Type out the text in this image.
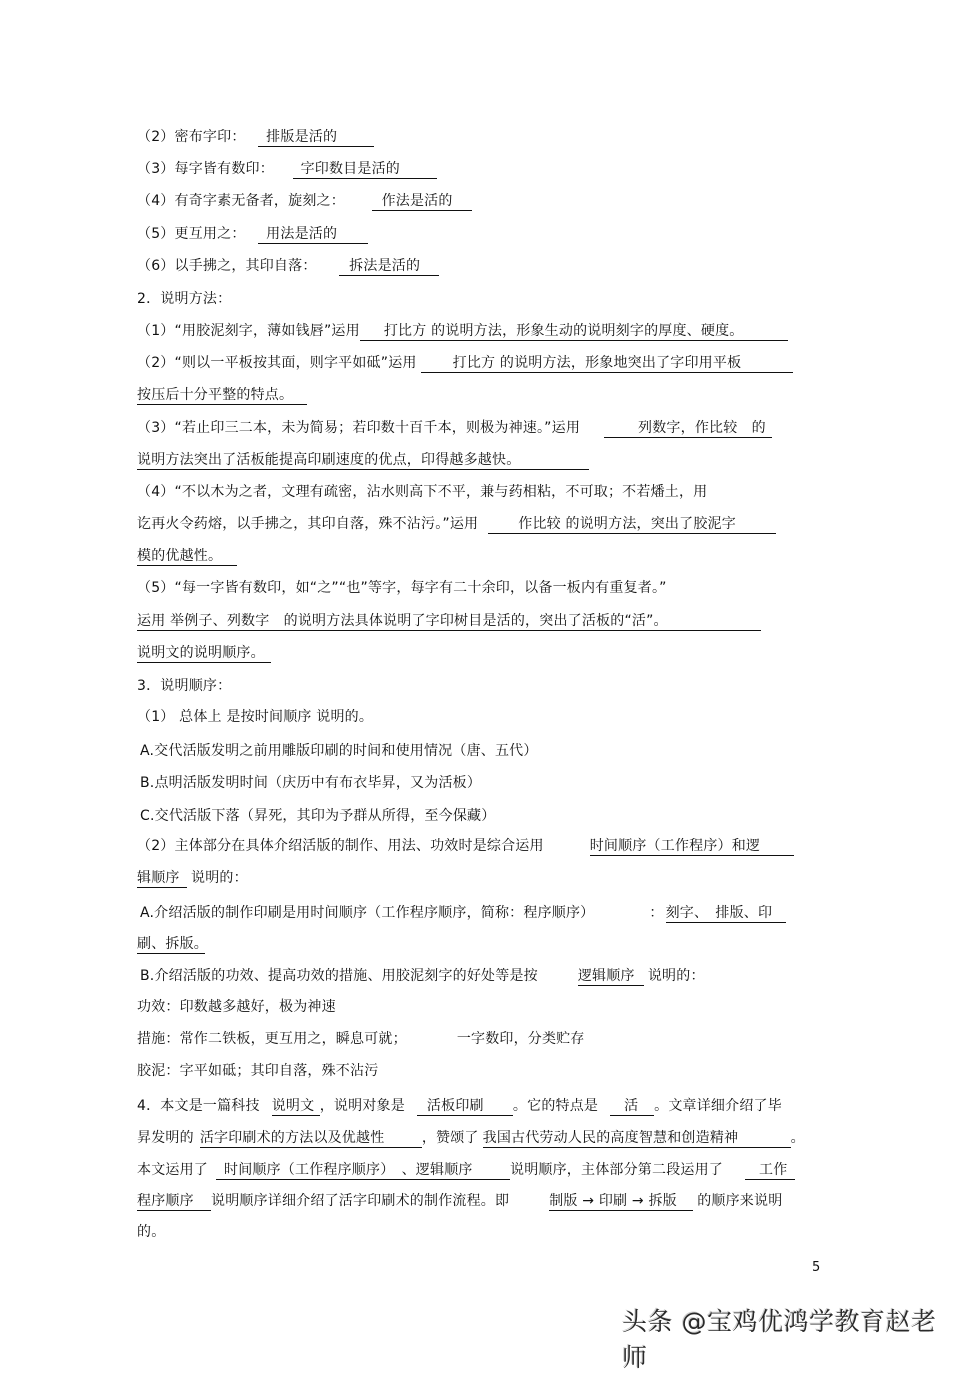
（2）密布字印： 排版是活的
（3）每字皆有数印： 字印数目是活的
（4）有奇字素无备者，旋刻之：	作法是活的
（5）更互用之： 用法是活的
（6）以手拂之，其印自落： 拆法是活的
2．说明方法：
（1）“用胶泥刻字，薄如钱唇”运用 打比方 的说明方法，形象生动的说明刻字的厚度、硬度。
（2）“则以一平板按其面，则字平如砥”运用	打比方 的说明方法，形象地突出了字印用平板
按压后十分平整的特点。
（3）“若止印三二本，未为简易；若印数十百千本，则极为神速。”运用	列数字，作比较　的
说明方法突出了活板能提高印刷速度的优点，印得越多越快。
（4）“不以木为之者，文理有疏密，沾水则高下不平，兼与药相粘，不可取；不若燔土，用
讫再火令药熔，以手拂之，其印自落，殊不沾污。”运用	作比较 的说明方法，突出了胶泥字
模的优越性。
（5）“每一字皆有数印，如“之”“也”等字，每字有二十余印，以备一板内有重复者。”
运用 举例子、列数字　的说明方法具体说明了字印树目是活的，突出了活板的“活”。
说明文的说明顺序。
3．说明顺序：
（1） 总体上 是按时间顺序 说明的。
A.交代活版发明之前用雕版印刷的时间和使用情况（唐、五代）
B.点明活版发明时间（庆历中有布衣毕昇，又为活板）
C.交代活版下落（昇死，其印为予群从所得，至今保藏）
（2）主体部分在具体介绍活版的制作、用法、功效时是综合运用	时间顺序（工作程序）和逻
辑顺序 说明的：
A.介绍活版的制作印刷是用时间顺序（工作程序顺序，简称：程序顺序）	： 刻字、　排版、印
刷、拆版。
B.介绍活版的功效、提高功效的措施、用胶泥刻字的好处等是按	逻辑顺序 说明的：
功效：印数越多越好，极为神速
措施：常作二铁板，更互用之，瞬息可就；	一字数印，分类贮存
胶泥：字平如砥；其印自落，殊不沾污
4．本文是一篇科技 说明文 ，说明对象是 活板印刷 。它的特点是 活 。文章详细介绍了毕
昇发明的 活字印刷术的方法以及优越性	，赞颂了 我国古代劳动人民的高度智慧和创造精神	。
本文运用了 时间顺序（工作程序顺序）　、逻辑顺序	说明顺序，主体部分第二段运用了	工作
程序顺序 说明顺序详细介绍了活字印刷术的制作流程。即	制版 → 印刷 → 拆版 的顺序来说明
的。
5
头条 @宝鸡优鸿学教育赵老师
